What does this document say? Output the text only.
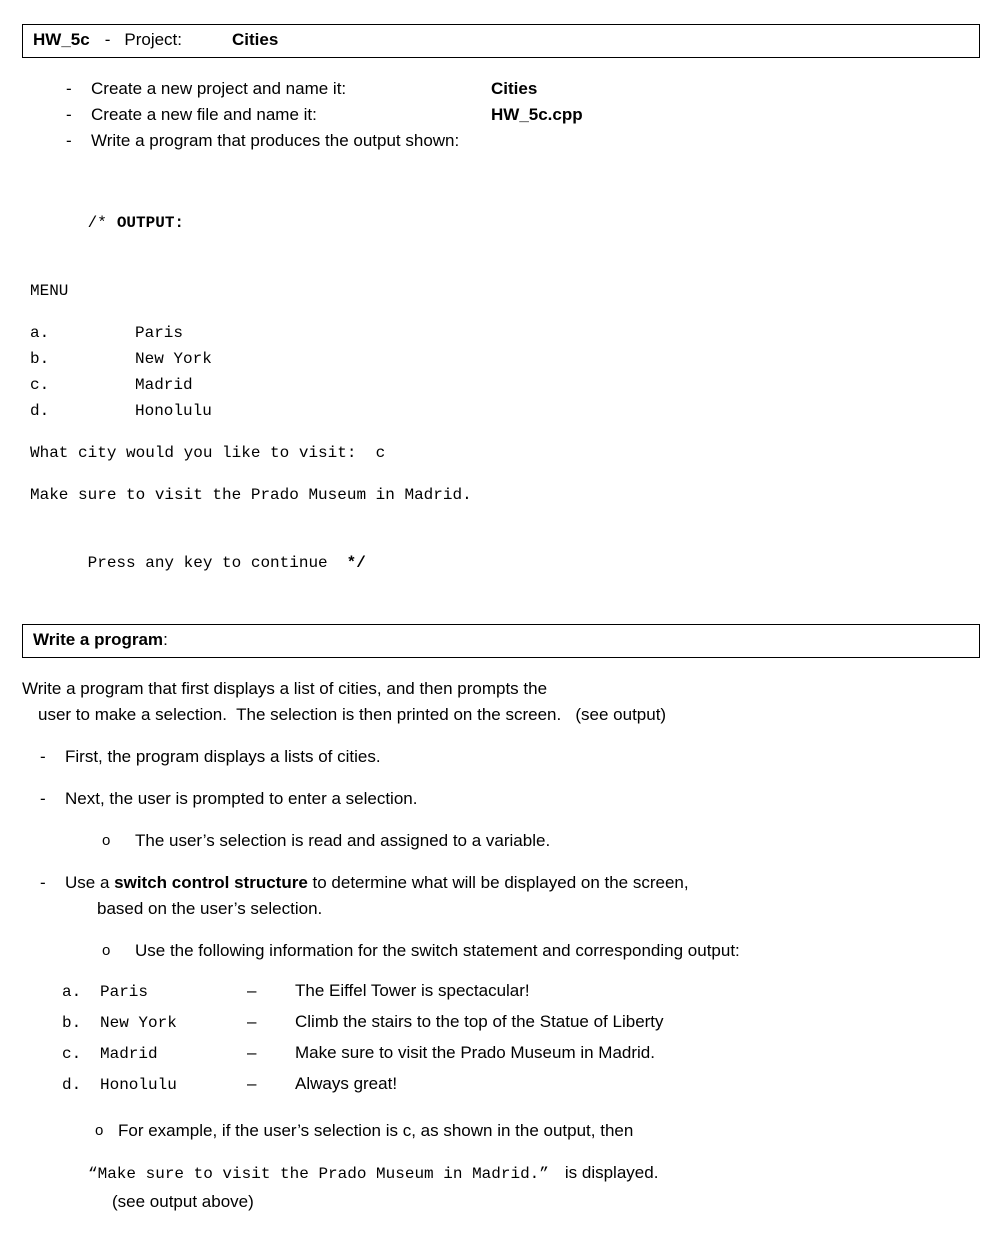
HW_5c - Project:	Cities
-	Create a new project and name it:	Cities
-	Create a new file and name it:	HW_5c.cpp
-	Write a program that produces the output shown:

/* OUTPUT:

MENU
a.	Paris
b.	New York
c.	Madrid
d.	Honolulu
What city would you like to visit:  c
Make sure to visit the Prado Museum in Madrid.

Press any key to continue */

Write a program:
Write a program that first displays a list of cities, and then prompts the
user to make a selection.  The selection is then printed on the screen.   (see output)
-	First, the program displays a lists of cities.
-	Next, the user is prompted to enter a selection.
o	The user’s selection is read and assigned to a variable.
-	Use a switch control structure to determine what will be displayed on the screen,
based on the user’s selection.
o	Use the following information for the switch statement and corresponding output:
a.	Paris	–	The Eiffel Tower is spectacular!
b.	New York	–	Climb the stairs to the top of the Statue of Liberty
c.	Madrid	–	Make sure to visit the Prado Museum in Madrid.
d.	Honolulu	–	Always great!
o For example, if the user’s selection is c, as shown in the output, then
“Make sure to visit the Prado Museum in Madrid.” is displayed.
(see output above)
